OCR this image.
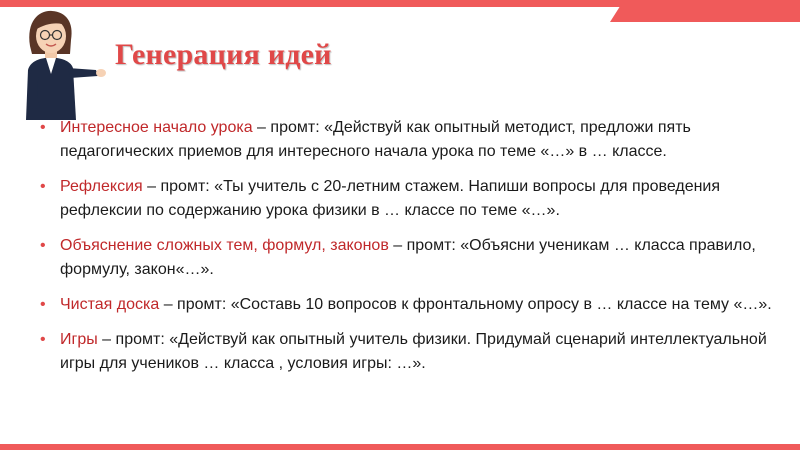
Генерация идей
• Интересное начало урока – промт: «Действуй как опытный методист, предложи пять педагогических приемов для интересного начала урока по теме «…» в … классе.
• Рефлексия – промт: «Ты учитель с 20-летним стажем. Напиши вопросы для проведения рефлексии по содержанию урока физики в … классе по теме «…».
• Объяснение сложных тем, формул, законов – промт: «Объясни ученикам … класса правило, формулу, закон«…».
• Чистая доска – промт: «Составь 10 вопросов к фронтальному опросу в … классе на тему «…».
• Игры – промт: «Действуй как опытный учитель физики. Придумай сценарий интеллектуальной игры для учеников … класса , условия игры: …».
